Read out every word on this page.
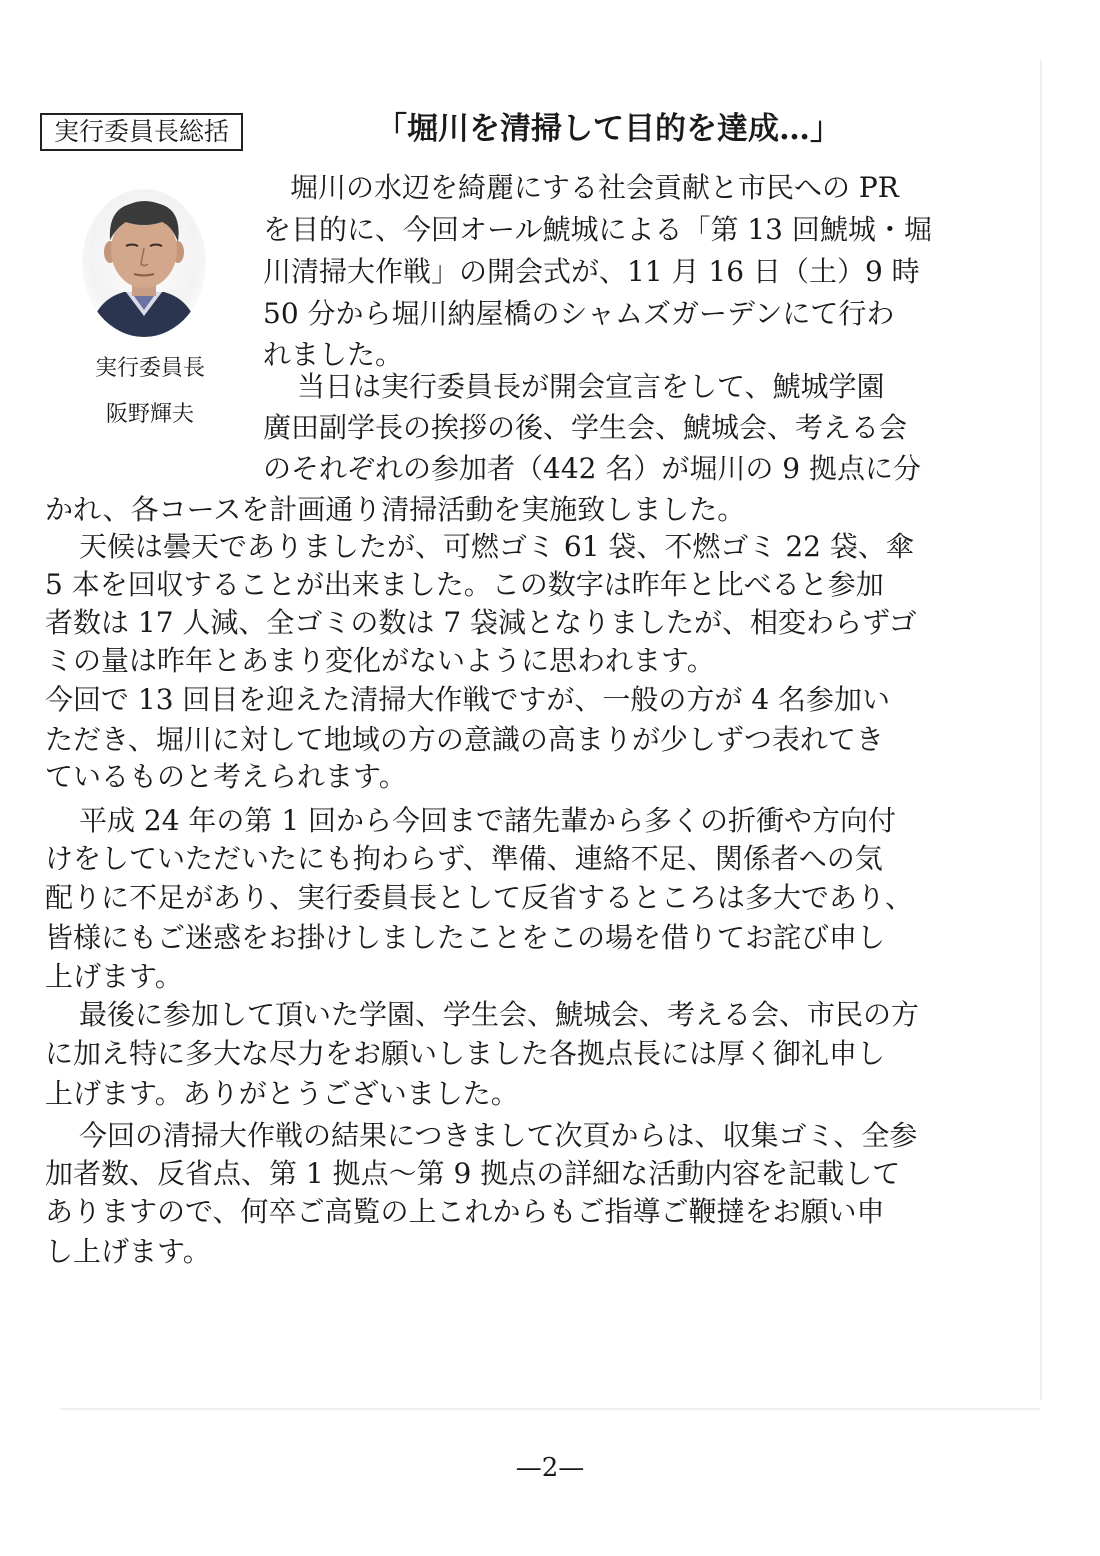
実行委員長総括	「堀川を清掃して目的を達成…」
実行委員長
阪野輝夫
堀川の水辺を綺麗にする社会貢献と市民への PR
を目的に、今回オール鯱城による「第 13 回鯱城・堀
川清掃大作戦」の開会式が、11 月 16 日（土）9 時
50 分から堀川納屋橋のシャムズガーデンにて行わ
れました。
当日は実行委員長が開会宣言をして、鯱城学園
廣田副学長の挨拶の後、学生会、鯱城会、考える会
のそれぞれの参加者（442 名）が堀川の 9 拠点に分
かれ、各コースを計画通り清掃活動を実施致しました。
天候は曇天でありましたが、可燃ゴミ 61 袋、不燃ゴミ 22 袋、傘
5 本を回収することが出来ました。この数字は昨年と比べると参加
者数は 17 人減、全ゴミの数は 7 袋減となりましたが、相変わらずゴ
ミの量は昨年とあまり変化がないように思われます。
今回で 13 回目を迎えた清掃大作戦ですが、一般の方が 4 名参加い
ただき、堀川に対して地域の方の意識の高まりが少しずつ表れてき
ているものと考えられます。
平成 24 年の第 1 回から今回まで諸先輩から多くの折衝や方向付
けをしていただいたにも拘わらず、準備、連絡不足、関係者への気
配りに不足があり、実行委員長として反省するところは多大であり、
皆様にもご迷惑をお掛けしましたことをこの場を借りてお詫び申し
上げます。
最後に参加して頂いた学園、学生会、鯱城会、考える会、市民の方
に加え特に多大な尽力をお願いしました各拠点長には厚く御礼申し
上げます。ありがとうございました。
今回の清掃大作戦の結果につきまして次頁からは、収集ゴミ、全参
加者数、反省点、第 1 拠点～第 9 拠点の詳細な活動内容を記載して
ありますので、何卒ご高覧の上これからもご指導ご鞭撻をお願い申
し上げます。
—2—
